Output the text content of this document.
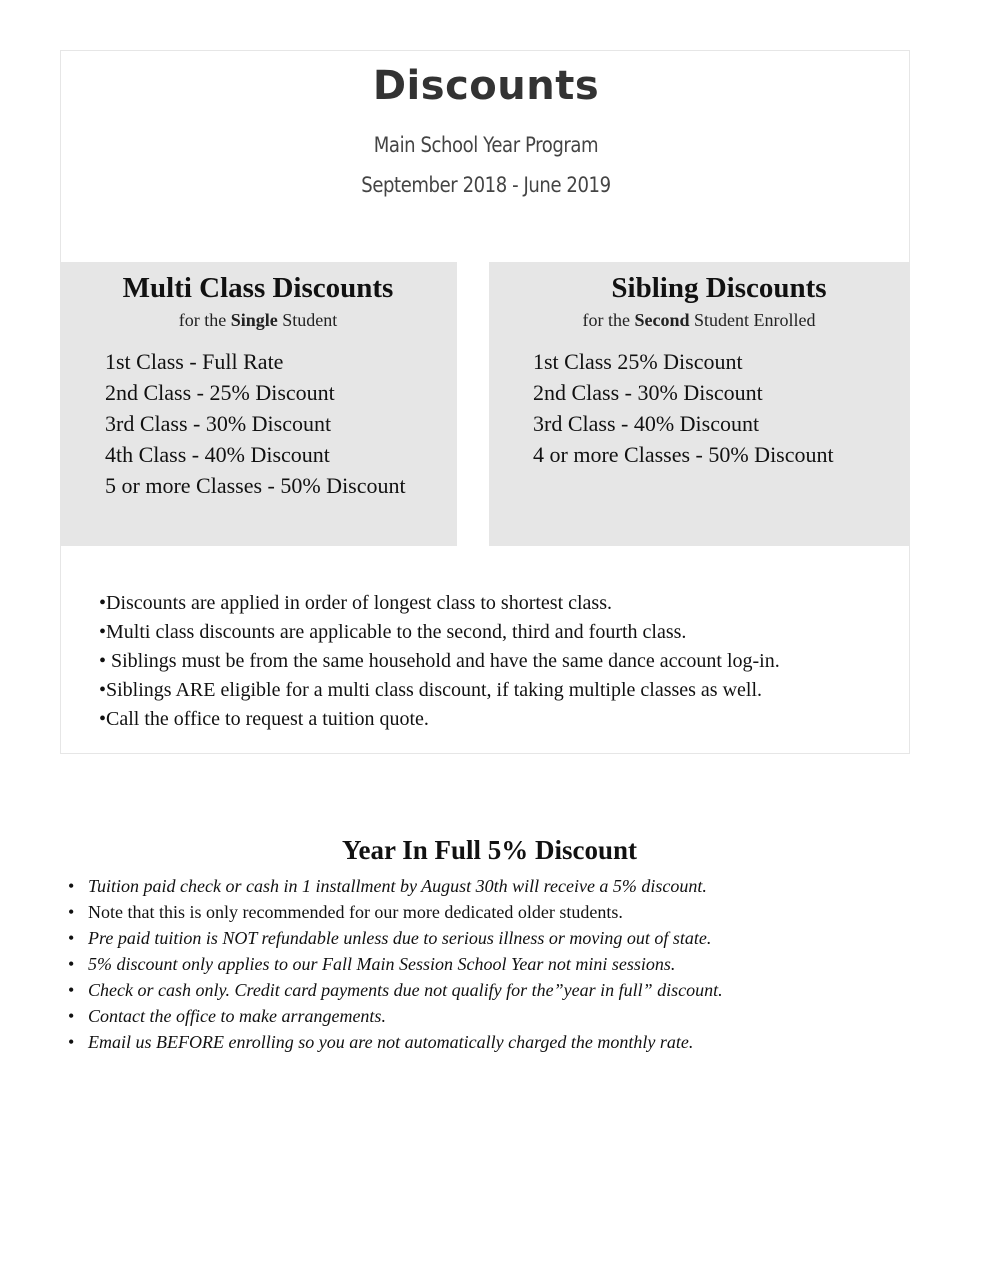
Discounts
Main School Year Program
September 2018 - June 2019
Multi Class Discounts
for the Single Student
1st Class - Full Rate
2nd Class - 25% Discount
3rd Class - 30% Discount
4th Class - 40% Discount
5 or more Classes - 50% Discount
Sibling Discounts
for the Second Student Enrolled
1st Class 25% Discount
2nd Class - 30% Discount
3rd Class - 40% Discount
4 or more Classes - 50% Discount
•Discounts are applied in order of longest class to shortest class.
•Multi class discounts are applicable to the second, third and fourth class.
• Siblings must be from the same household and have the same dance account log-in.
•Siblings ARE eligible for a multi class discount, if taking multiple classes as well.
•Call the office to request a tuition quote.
Year In Full 5% Discount
• Tuition paid check or cash in 1 installment by August 30th will receive a 5% discount.
• Note that this is only recommended for our more dedicated older students.
• Pre paid tuition is NOT refundable unless due to serious illness or moving out of state.
• 5% discount only applies to our Fall Main Session School Year not mini sessions.
• Check or cash only. Credit card payments due not qualify for the”year in full” discount.
• Contact the office to make arrangements.
• Email us BEFORE enrolling so you are not automatically charged the monthly rate.
